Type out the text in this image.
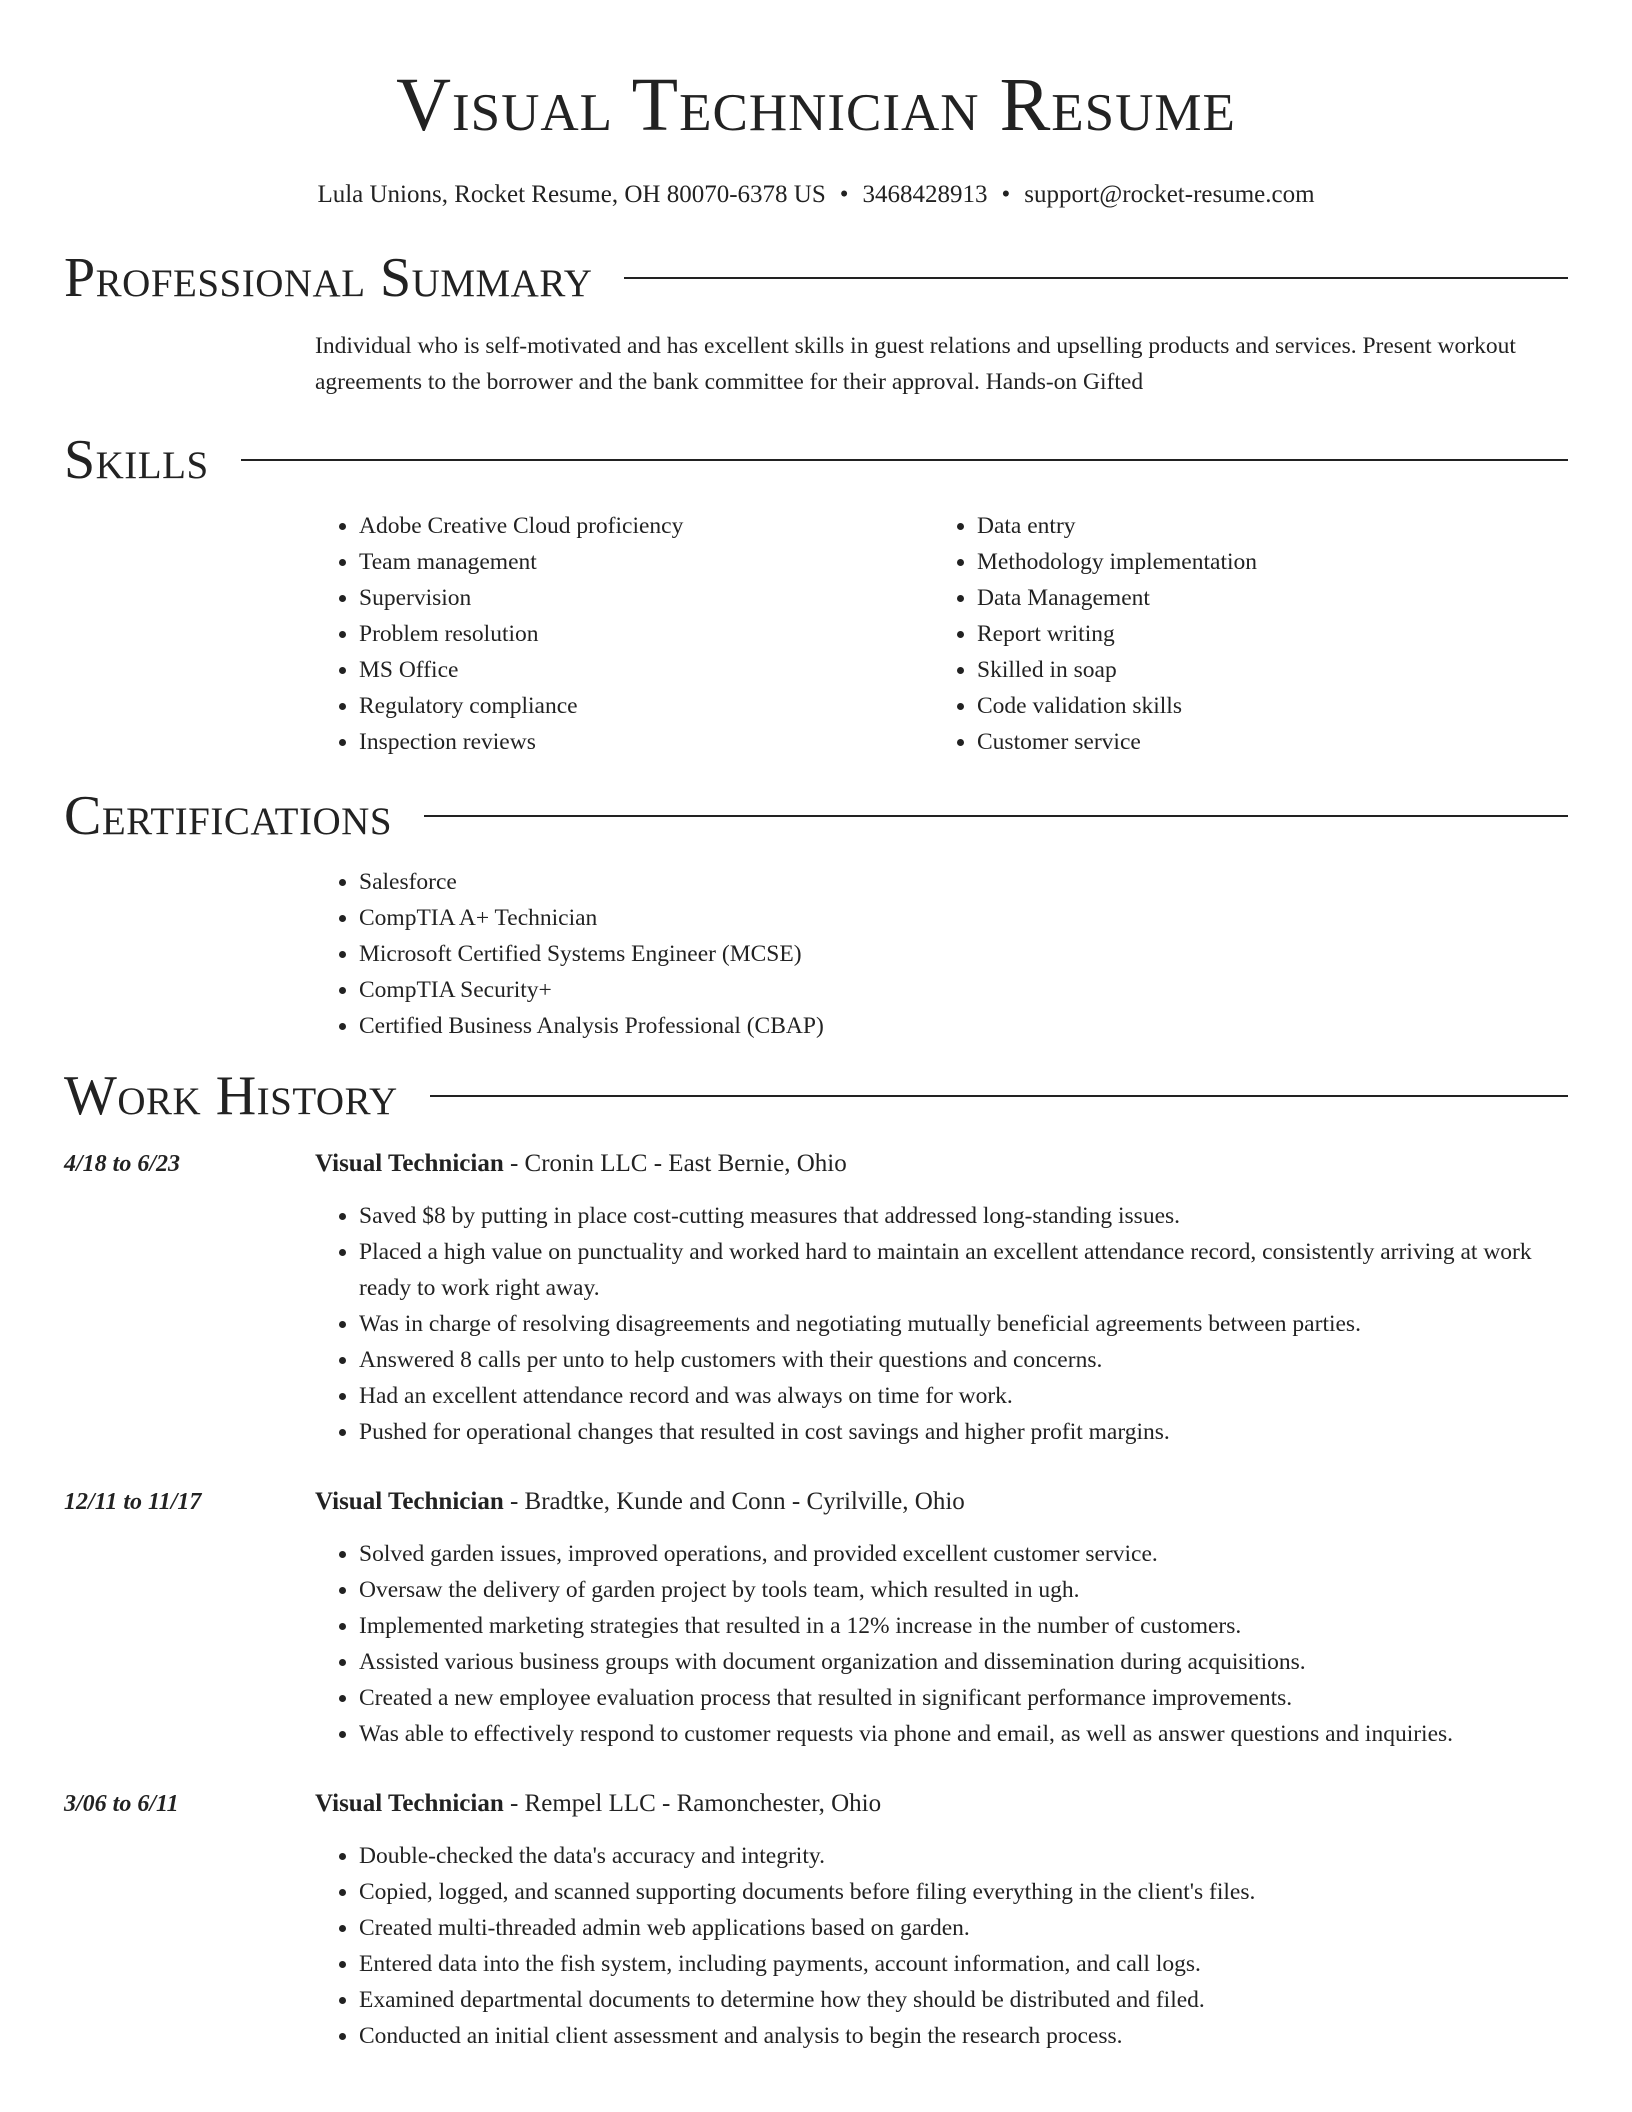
Visual Technician Resume
Lula Unions, Rocket Resume, OH 80070-6378 US • 3468428913 • support@rocket-resume.com
Professional Summary

Individual who is self-motivated and has excellent skills in guest relations and upselling products and services. Present workout agreements to the borrower and the bank committee for their approval. Hands-on Gifted

Skills
• Adobe Creative Cloud proficiency
• Team management
• Supervision
• Problem resolution
• MS Office
• Regulatory compliance
• Inspection reviews
• Data entry
• Methodology implementation
• Data Management
• Report writing
• Skilled in soap
• Code validation skills
• Customer service
Certifications
• Salesforce
• CompTIA A+ Technician
• Microsoft Certified Systems Engineer (MCSE)
• CompTIA Security+
• Certified Business Analysis Professional (CBAP)
Work History
4/18 to 6/23	Visual Technician - Cronin LLC - East Bernie, Ohio
• Saved $8 by putting in place cost-cutting measures that addressed long-standing issues.
• Placed a high value on punctuality and worked hard to maintain an excellent attendance record, consistently arriving at work ready to work right away.
• Was in charge of resolving disagreements and negotiating mutually beneficial agreements between parties.
• Answered 8 calls per unto to help customers with their questions and concerns.
• Had an excellent attendance record and was always on time for work.
• Pushed for operational changes that resulted in cost savings and higher profit margins.
12/11 to 11/17	Visual Technician - Bradtke, Kunde and Conn - Cyrilville, Ohio
• Solved garden issues, improved operations, and provided excellent customer service.
• Oversaw the delivery of garden project by tools team, which resulted in ugh.
• Implemented marketing strategies that resulted in a 12% increase in the number of customers.
• Assisted various business groups with document organization and dissemination during acquisitions.
• Created a new employee evaluation process that resulted in significant performance improvements.
• Was able to effectively respond to customer requests via phone and email, as well as answer questions and inquiries.
3/06 to 6/11	Visual Technician - Rempel LLC - Ramonchester, Ohio
• Double-checked the data's accuracy and integrity.
• Copied, logged, and scanned supporting documents before filing everything in the client's files.
• Created multi-threaded admin web applications based on garden.
• Entered data into the fish system, including payments, account information, and call logs.
• Examined departmental documents to determine how they should be distributed and filed.
• Conducted an initial client assessment and analysis to begin the research process.
